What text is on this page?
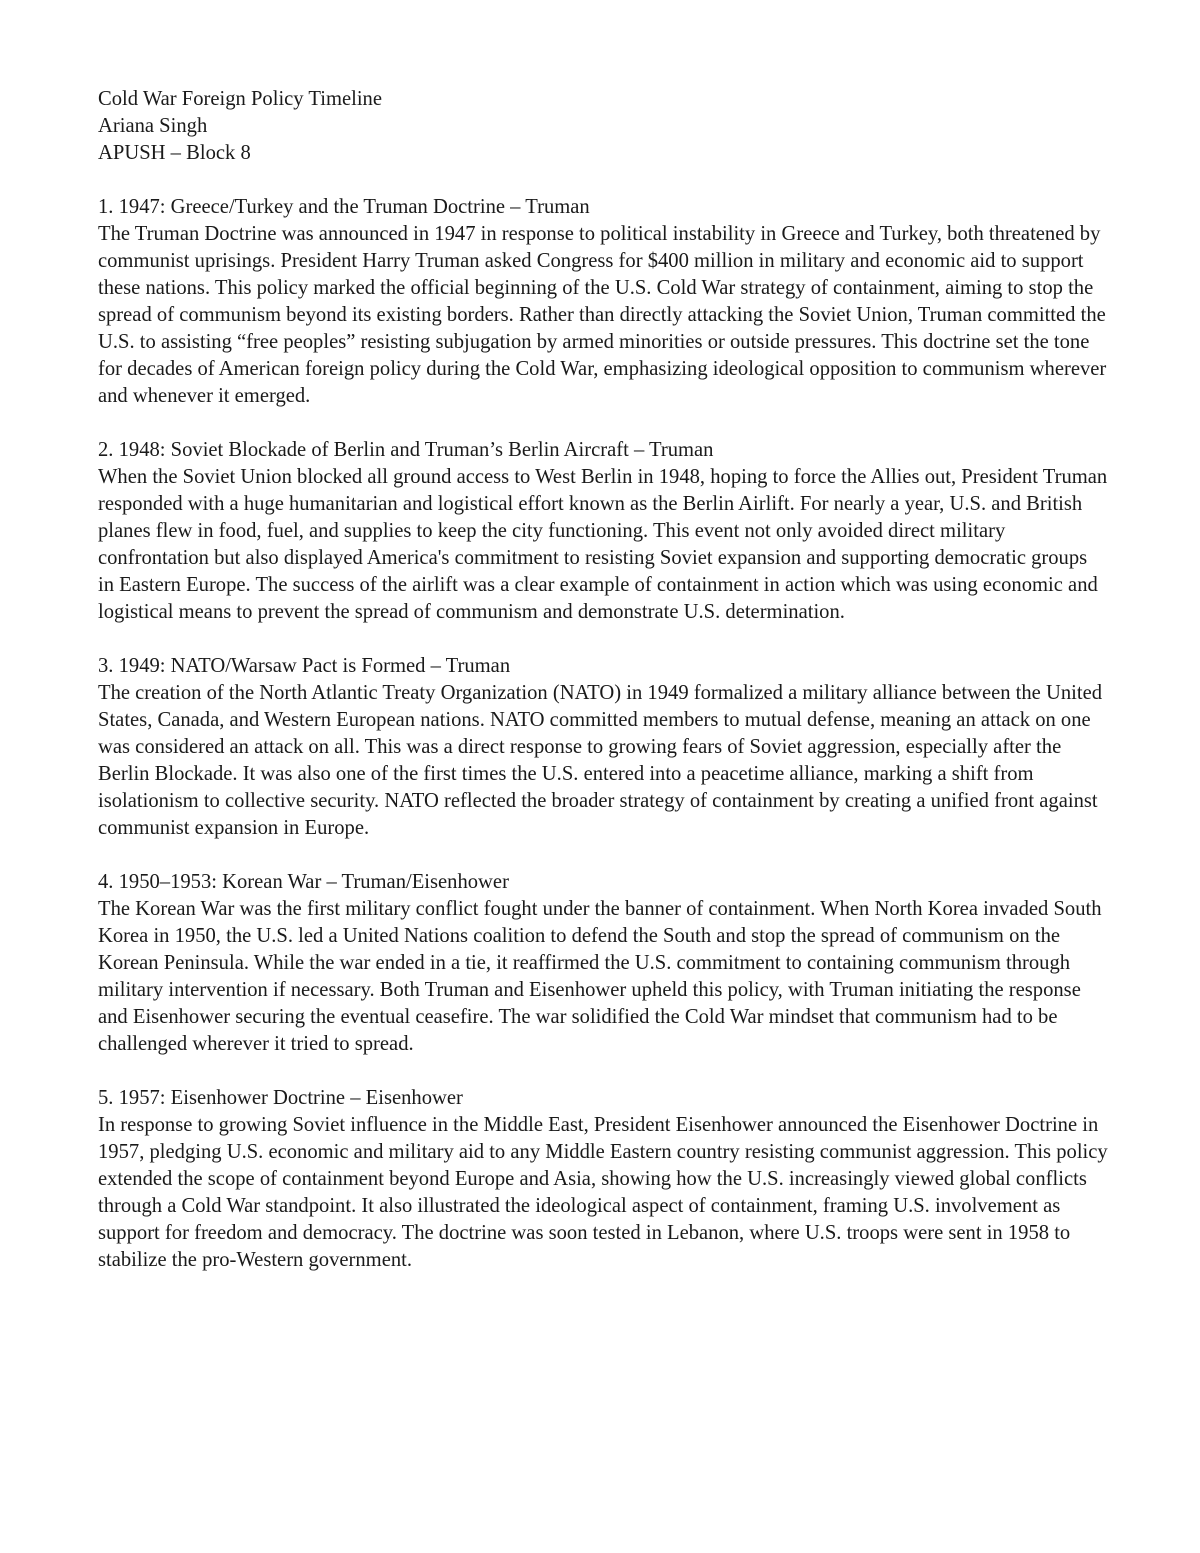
Cold War Foreign Policy Timeline
Ariana Singh
APUSH – Block 8
1. 1947: Greece/Turkey and the Truman Doctrine – Truman

The Truman Doctrine was announced in 1947 in response to political instability in Greece and Turkey, both threatened by communist uprisings. President Harry Truman asked Congress for $400 million in military and economic aid to support these nations. This policy marked the official beginning of the U.S. Cold War strategy of containment, aiming to stop the spread of communism beyond its existing borders. Rather than directly attacking the Soviet Union, Truman committed the U.S. to assisting “free peoples” resisting subjugation by armed minorities or outside pressures. This doctrine set the tone for decades of American foreign policy during the Cold War, emphasizing ideological opposition to communism wherever and whenever it emerged.

2. 1948: Soviet Blockade of Berlin and Truman’s Berlin Aircraft – Truman

When the Soviet Union blocked all ground access to West Berlin in 1948, hoping to force the Allies out, President Truman responded with a huge humanitarian and logistical effort known as the Berlin Airlift. For nearly a year, U.S. and British planes flew in food, fuel, and supplies to keep the city functioning. This event not only avoided direct military confrontation but also displayed America's commitment to resisting Soviet expansion and supporting democratic groups in Eastern Europe. The success of the airlift was a clear example of containment in action which was using economic and logistical means to prevent the spread of communism and demonstrate U.S. determination.

3. 1949: NATO/Warsaw Pact is Formed – Truman

The creation of the North Atlantic Treaty Organization (NATO) in 1949 formalized a military alliance between the United States, Canada, and Western European nations. NATO committed members to mutual defense, meaning an attack on one was considered an attack on all. This was a direct response to growing fears of Soviet aggression, especially after the Berlin Blockade. It was also one of the first times the U.S. entered into a peacetime alliance, marking a shift from isolationism to collective security. NATO reflected the broader strategy of containment by creating a unified front against communist expansion in Europe.

4. 1950–1953: Korean War – Truman/Eisenhower

The Korean War was the first military conflict fought under the banner of containment. When North Korea invaded South Korea in 1950, the U.S. led a United Nations coalition to defend the South and stop the spread of communism on the Korean Peninsula. While the war ended in a tie, it reaffirmed the U.S. commitment to containing communism through military intervention if necessary. Both Truman and Eisenhower upheld this policy, with Truman initiating the response and Eisenhower securing the eventual ceasefire. The war solidified the Cold War mindset that communism had to be challenged wherever it tried to spread.

5. 1957: Eisenhower Doctrine – Eisenhower

In response to growing Soviet influence in the Middle East, President Eisenhower announced the Eisenhower Doctrine in 1957, pledging U.S. economic and military aid to any Middle Eastern country resisting communist aggression. This policy extended the scope of containment beyond Europe and Asia, showing how the U.S. increasingly viewed global conflicts through a Cold War standpoint. It also illustrated the ideological aspect of containment, framing U.S. involvement as support for freedom and democracy. The doctrine was soon tested in Lebanon, where U.S. troops were sent in 1958 to stabilize the pro-Western government.
